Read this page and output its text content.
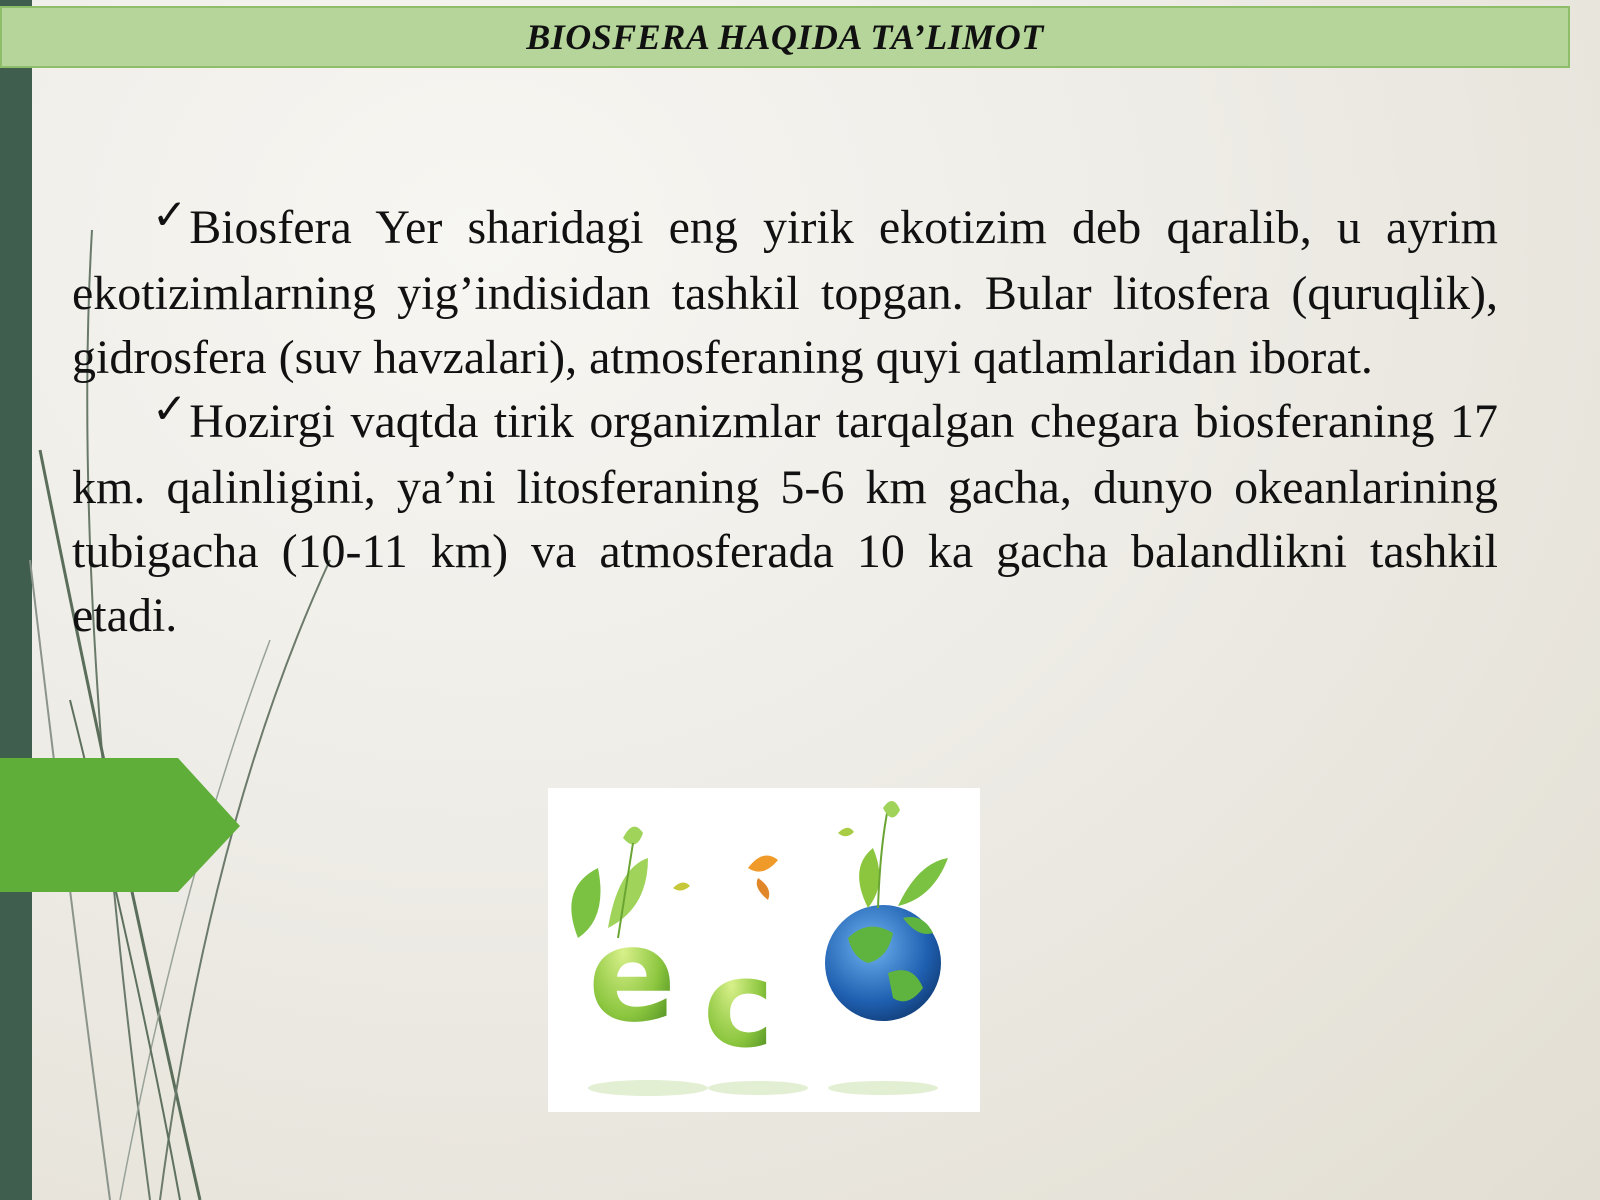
BIOSFERA HAQIDA TA’LIMOT

✓Biosfera Yer sharidagi eng yirik ekotizim deb qaralib, u ayrim ekotizimlarning yig’indisidan tashkil topgan. Bular litosfera (quruqlik), gidrosfera (suv havzalari), atmosferaning quyi qatlamlaridan iborat.

✓Hozirgi vaqtda tirik organizmlar tarqalgan chegara biosferaning 17 km. qalinligini, ya’ni litosferaning 5-6 km gacha, dunyo okeanlarining tubigacha (10-11 km) va atmosferada 10 ka gacha balandlikni tashkil etadi.

e c
